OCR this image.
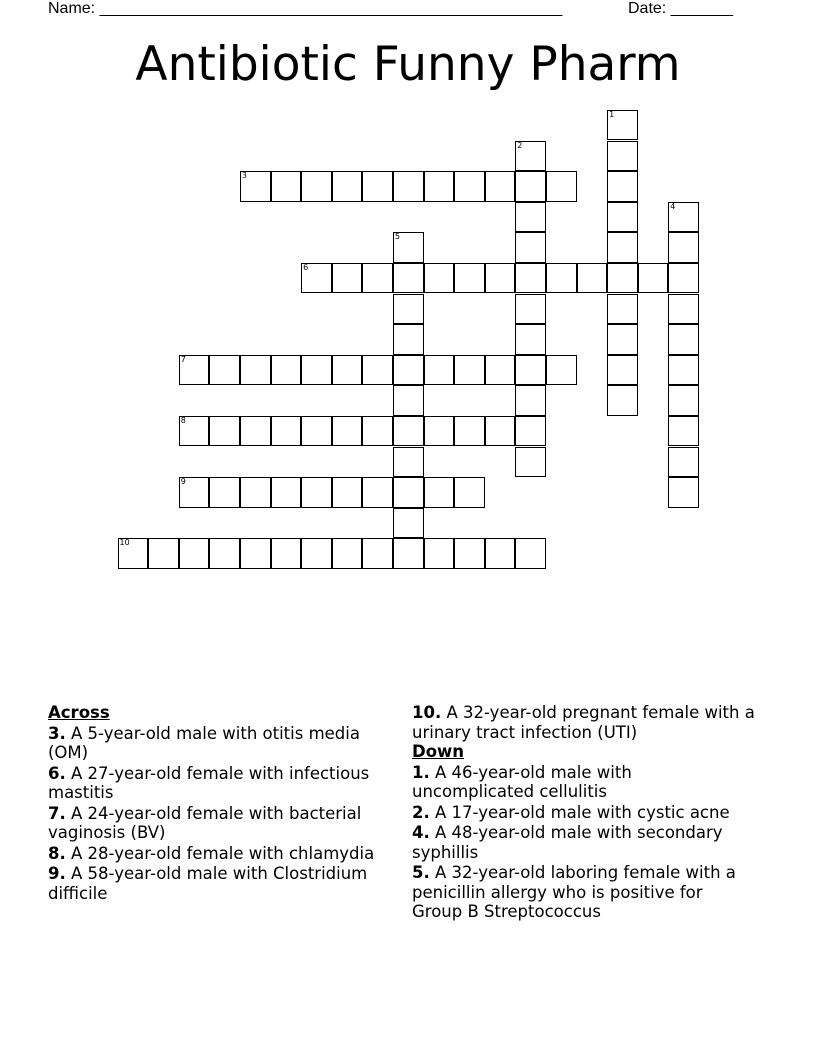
Name: ____________________________________________________	Date: _______
Antibiotic Funny Pharm
1
2
3
4
5
6
7
8
9
10
Across
3. A 5-year-old male with otitis media (OM)
6. A 27-year-old female with infectious mastitis
7. A 24-year-old female with bacterial vaginosis (BV)
8. A 28-year-old female with chlamydia
9. A 58-year-old male with Clostridium difficile
10. A 32-year-old pregnant female with a urinary tract infection (UTI)
Down
1. A 46-year-old male with uncomplicated cellulitis
2. A 17-year-old male with cystic acne
4. A 48-year-old male with secondary syphillis
5. A 32-year-old laboring female with a penicillin allergy who is positive for Group B Streptococcus
